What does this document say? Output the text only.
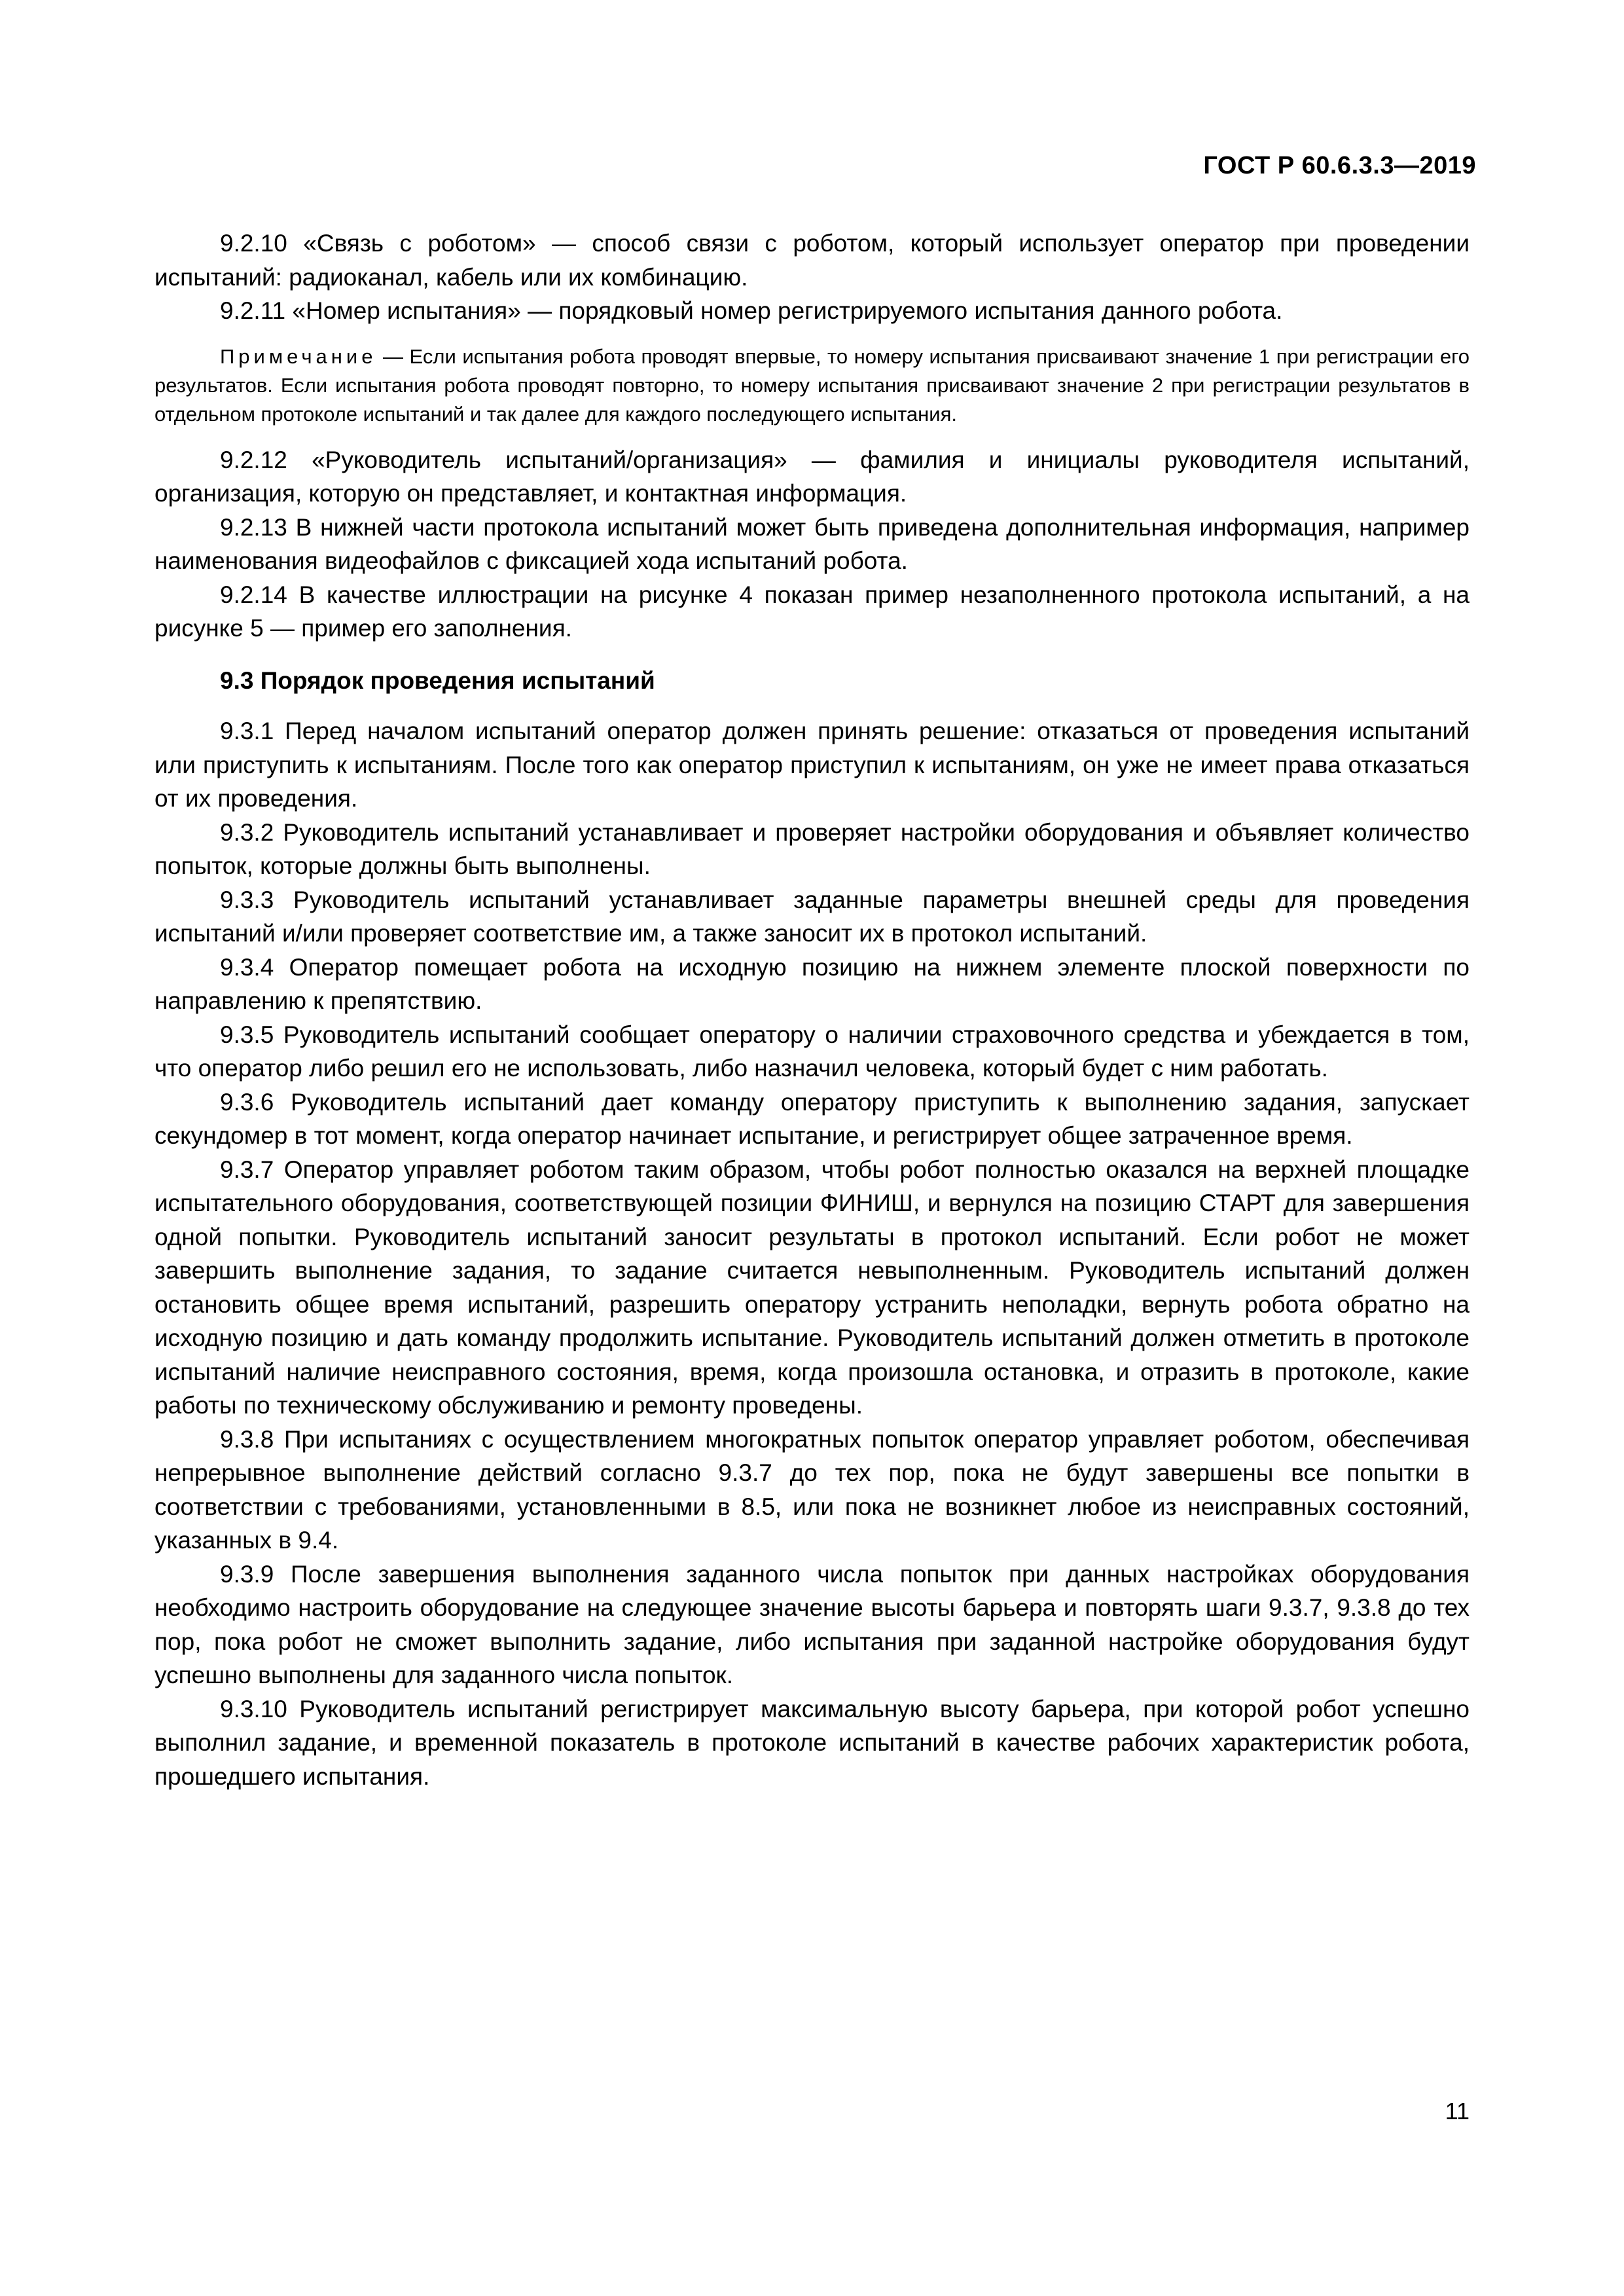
ГОСТ Р 60.6.3.3—2019

9.2.10 «Связь с роботом» — способ связи с роботом, который использует оператор при проведении испытаний: радиоканал, кабель или их комбинацию.

9.2.11 «Номер испытания» — порядковый номер регистрируемого испытания данного робота.

Примечание — Если испытания робота проводят впервые, то номеру испытания присваивают значение 1 при регистрации его результатов. Если испытания робота проводят повторно, то номеру испытания присваивают значение 2 при регистрации результатов в отдельном протоколе испытаний и так далее для каждого последующего испытания.

9.2.12 «Руководитель испытаний/организация» — фамилия и инициалы руководителя испытаний, организация, которую он представляет, и контактная информация.

9.2.13 В нижней части протокола испытаний может быть приведена дополнительная информация, например наименования видеофайлов с фиксацией хода испытаний робота.

9.2.14 В качестве иллюстрации на рисунке 4 показан пример незаполненного протокола испытаний, а на рисунке 5 — пример его заполнения.

9.3 Порядок проведения испытаний

9.3.1 Перед началом испытаний оператор должен принять решение: отказаться от проведения испытаний или приступить к испытаниям. После того как оператор приступил к испытаниям, он уже не имеет права отказаться от их проведения.

9.3.2 Руководитель испытаний устанавливает и проверяет настройки оборудования и объявляет количество попыток, которые должны быть выполнены.

9.3.3 Руководитель испытаний устанавливает заданные параметры внешней среды для проведения испытаний и/или проверяет соответствие им, а также заносит их в протокол испытаний.

9.3.4 Оператор помещает робота на исходную позицию на нижнем элементе плоской поверхности по направлению к препятствию.

9.3.5 Руководитель испытаний сообщает оператору о наличии страховочного средства и убеждается в том, что оператор либо решил его не использовать, либо назначил человека, который будет с ним работать.

9.3.6 Руководитель испытаний дает команду оператору приступить к выполнению задания, запускает секундомер в тот момент, когда оператор начинает испытание, и регистрирует общее затраченное время.

9.3.7 Оператор управляет роботом таким образом, чтобы робот полностью оказался на верхней площадке испытательного оборудования, соответствующей позиции ФИНИШ, и вернулся на позицию СТАРТ для завершения одной попытки. Руководитель испытаний заносит результаты в протокол испытаний. Если робот не может завершить выполнение задания, то задание считается невыполненным. Руководитель испытаний должен остановить общее время испытаний, разрешить оператору устранить неполадки, вернуть робота обратно на исходную позицию и дать команду продолжить испытание. Руководитель испытаний должен отметить в протоколе испытаний наличие неисправного состояния, время, когда произошла остановка, и отразить в протоколе, какие работы по техническому обслуживанию и ремонту проведены.

9.3.8 При испытаниях с осуществлением многократных попыток оператор управляет роботом, обеспечивая непрерывное выполнение действий согласно 9.3.7 до тех пор, пока не будут завершены все попытки в соответствии с требованиями, установленными в 8.5, или пока не возникнет любое из неисправных состояний, указанных в 9.4.

9.3.9 После завершения выполнения заданного числа попыток при данных настройках оборудования необходимо настроить оборудование на следующее значение высоты барьера и повторять шаги 9.3.7, 9.3.8 до тех пор, пока робот не сможет выполнить задание, либо испытания при заданной настройке оборудования будут успешно выполнены для заданного числа попыток.

9.3.10 Руководитель испытаний регистрирует максимальную высоту барьера, при которой робот успешно выполнил задание, и временной показатель в протоколе испытаний в качестве рабочих характеристик робота, прошедшего испытания.

11
